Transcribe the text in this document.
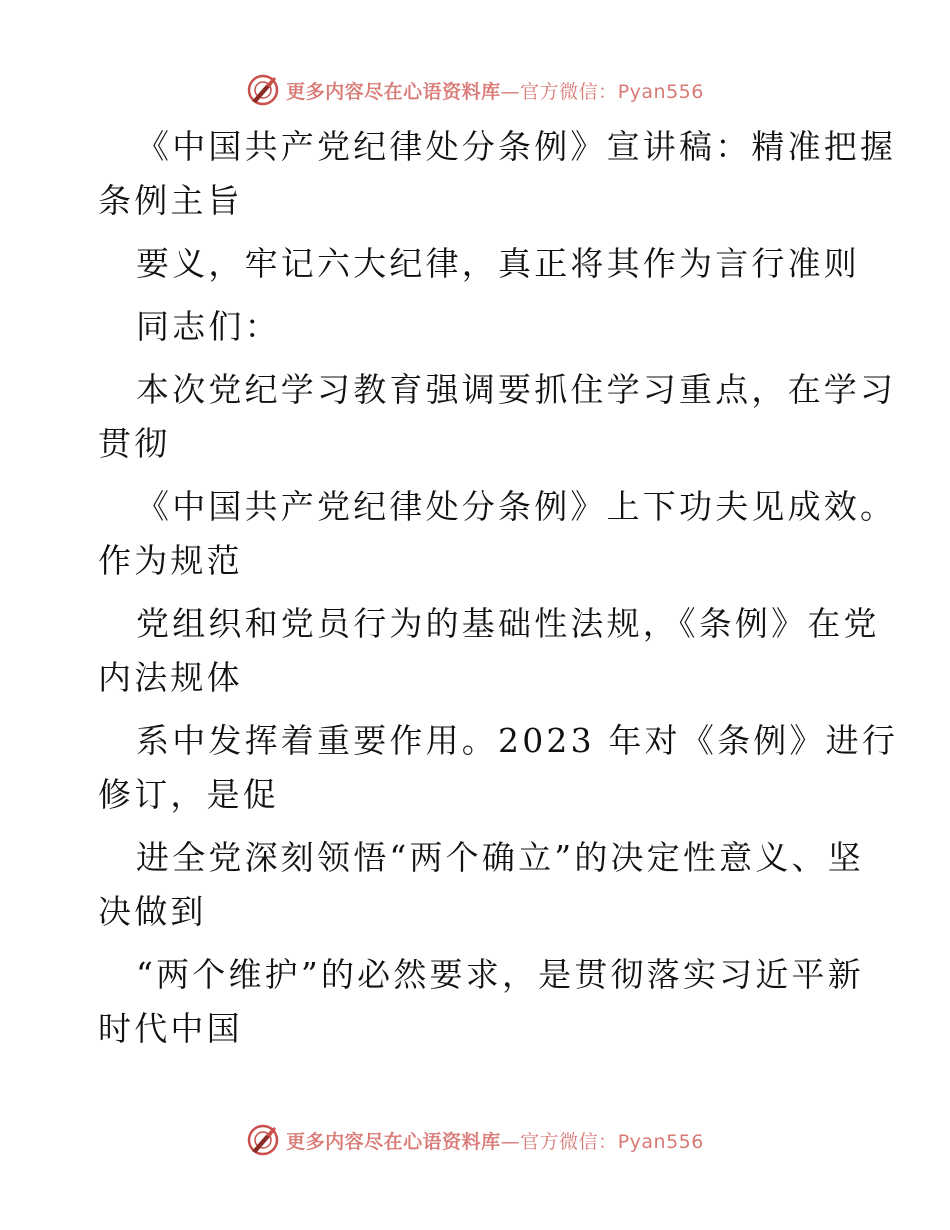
更多内容尽在心语资料库—官方微信：Pyan556
《中国共产党纪律处分条例》宣讲稿：精准把握
条例主旨
要义，牢记六大纪律，真正将其作为言行准则
同志们：
本次党纪学习教育强调要抓住学习重点，在学习
贯彻
《中国共产党纪律处分条例》上下功夫见成效。
作为规范
党组织和党员行为的基础性法规，《条例》在党
内法规体
系中发挥着重要作用。2023 年对《条例》进行
修订，是促
进全党深刻领悟“两个确立”的决定性意义、坚
决做到
“两个维护”的必然要求，是贯彻落实习近平新
时代中国
更多内容尽在心语资料库—官方微信：Pyan556
